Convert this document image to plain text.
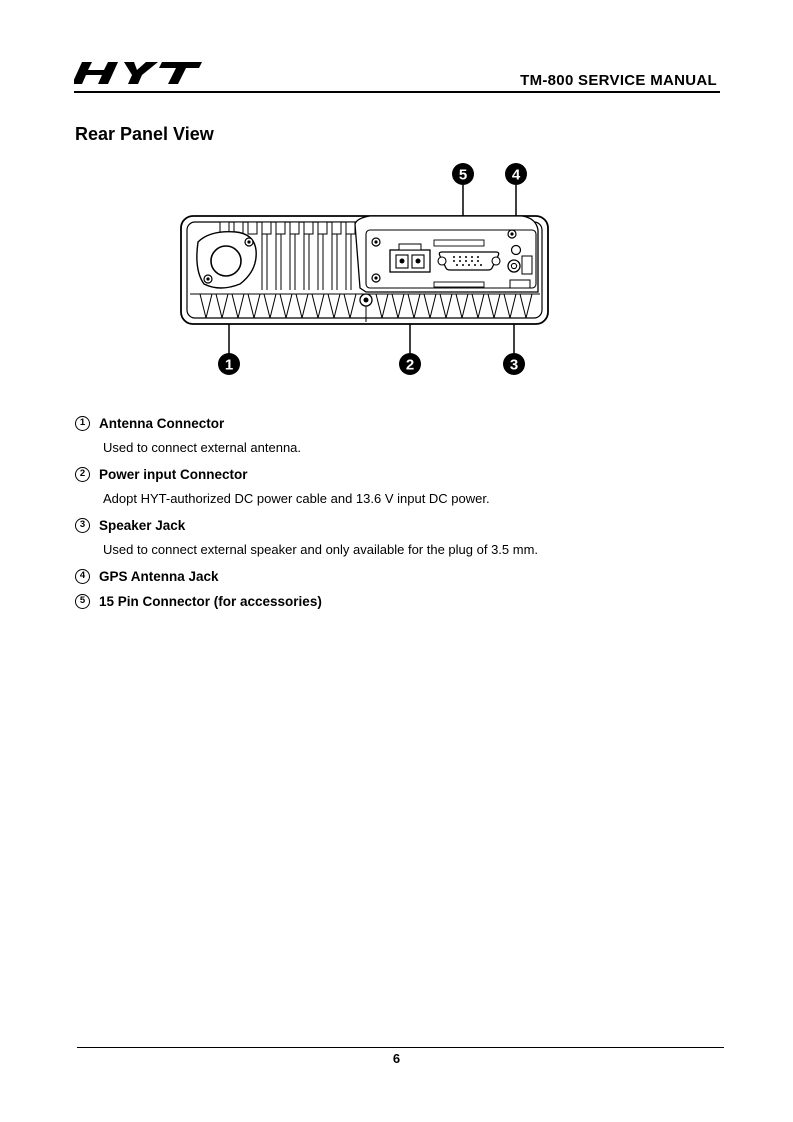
TM-800 SERVICE MANUAL
Rear Panel View
5	4
1	2	3
1	Antenna Connector
Used to connect external antenna.
2	Power input Connector
Adopt HYT-authorized DC power cable and 13.6 V input DC power.
3	Speaker Jack
Used to connect external speaker and only available for the plug of 3.5 mm.
4	GPS Antenna Jack
5	15 Pin Connector (for accessories)
6
